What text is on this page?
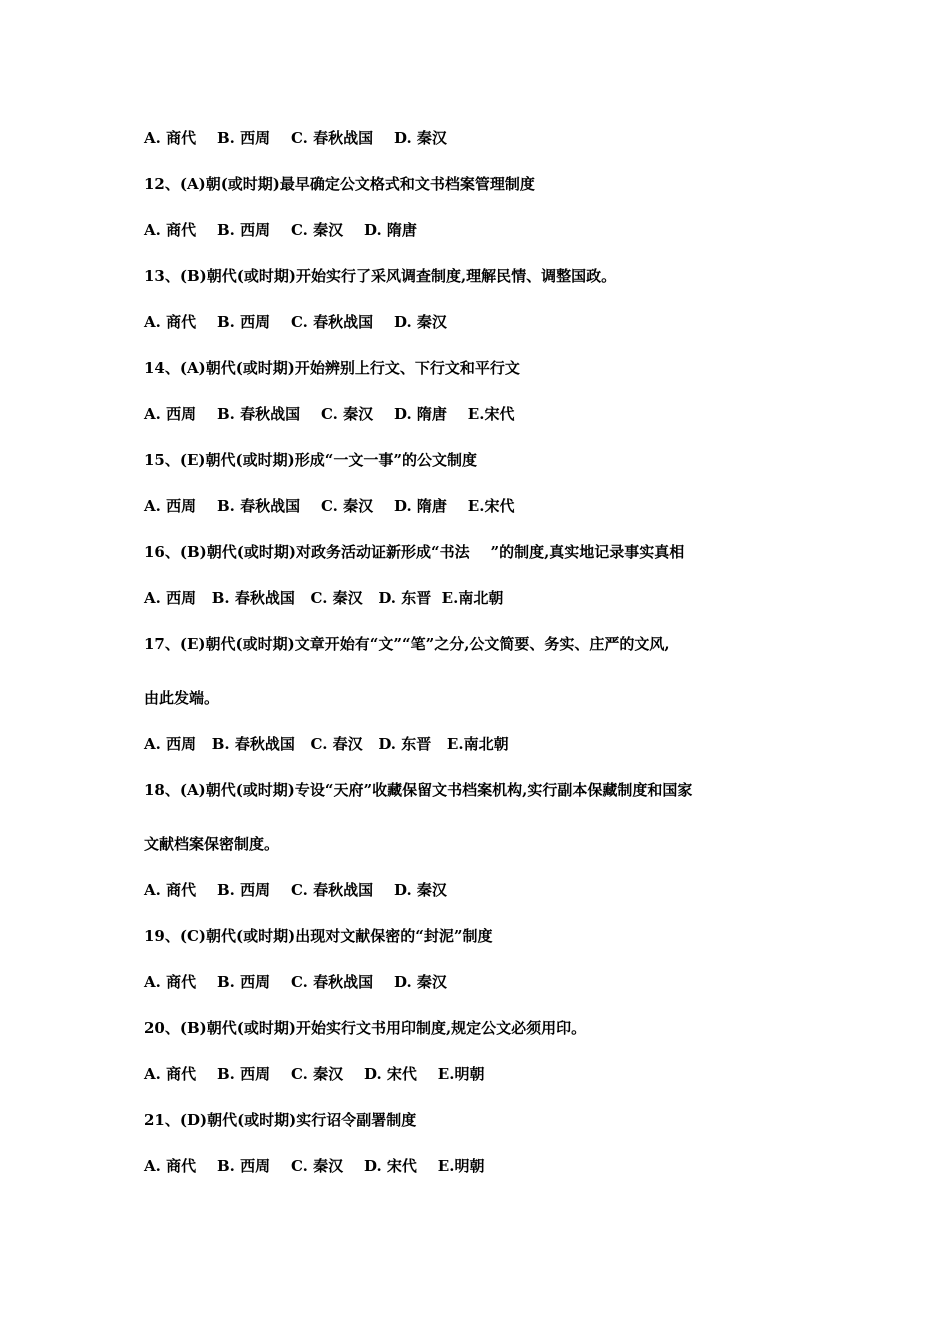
A. 商代    B. 西周    C. 春秋战国    D. 秦汉
12、(A)朝(或时期)最早确定公文格式和文书档案管理制度
A. 商代    B. 西周    C. 秦汉    D. 隋唐
13、(B)朝代(或时期)开始实行了采风调查制度,理解民情、调整国政。
A. 商代    B. 西周    C. 春秋战国    D. 秦汉
14、(A)朝代(或时期)开始辨别上行文、下行文和平行文
A. 西周    B. 春秋战国    C. 秦汉    D. 隋唐    E.宋代
15、(E)朝代(或时期)形成“一文一事”的公文制度
A. 西周    B. 春秋战国    C. 秦汉    D. 隋唐    E.宋代
16、(B)朝代(或时期)对政务活动证新形成“书法    ”的制度,真实地记录事实真相
A. 西周   B. 春秋战国   C. 秦汉   D. 东晋  E.南北朝
17、(E)朝代(或时期)文章开始有“文”“笔”之分,公文简要、务实、庄严的文风,
由此发端。
A. 西周   B. 春秋战国   C. 春汉   D. 东晋   E.南北朝
18、(A)朝代(或时期)专设“天府”收藏保留文书档案机构,实行副本保藏制度和国家
文献档案保密制度。
A. 商代    B. 西周    C. 春秋战国    D. 秦汉
19、(C)朝代(或时期)出现对文献保密的“封泥”制度
A. 商代    B. 西周    C. 春秋战国    D. 秦汉
20、(B)朝代(或时期)开始实行文书用印制度,规定公文必须用印。
A. 商代    B. 西周    C. 秦汉    D. 宋代    E.明朝
21、(D)朝代(或时期)实行诏令副署制度
A. 商代    B. 西周    C. 秦汉    D. 宋代    E.明朝
